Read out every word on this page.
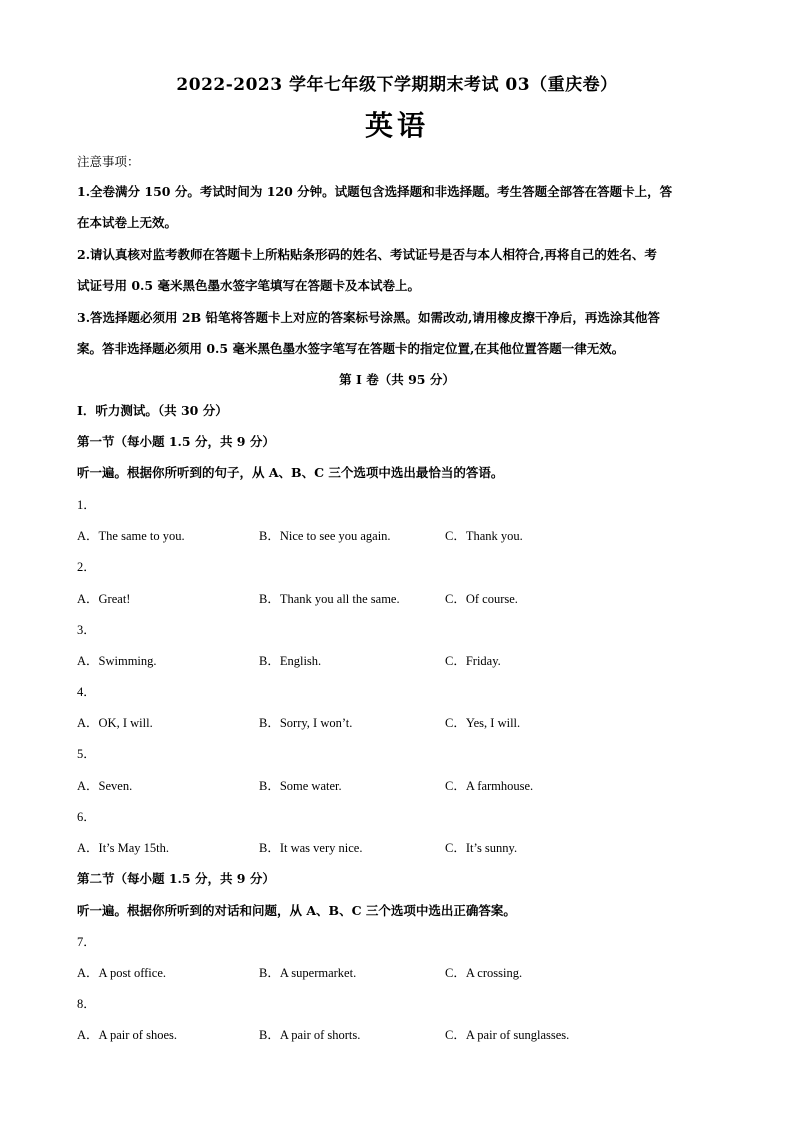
2022-2023 学年七年级下学期期末考试 03（重庆卷）
英语
注意事项：
1.全卷满分 150 分。考试时间为 120 分钟。试题包含选择题和非选择题。考生答题全部答在答题卡上，答
在本试卷上无效。
2.请认真核对监考教师在答题卡上所粘贴条形码的姓名、考试证号是否与本人相符合,再将自己的姓名、考
试证号用 0.5 毫米黑色墨水签字笔填写在答题卡及本试卷上。
3.答选择题必须用 2B 铅笔将答题卡上对应的答案标号涂黑。如需改动,请用橡皮擦干净后，再选涂其他答
案。答非选择题必须用 0.5 毫米黑色墨水签字笔写在答题卡的指定位置,在其他位置答题一律无效。
第 I 卷（共 95 分）
Ⅰ．听力测试。（共 30 分）
第一节（每小题 1.5 分，共 9 分）
听一遍。根据你所听到的句子，从 A、B、C 三个选项中选出最恰当的答语。
1．
A．The same to you.	B．Nice to see you again.	C．Thank you.
2．
A．Great!	B．Thank you all the same.	C．Of course.
3．
A．Swimming.	B．English.	C．Friday.
4．
A．OK, I will.	B．Sorry, I won’t.	C．Yes, I will.
5．
A．Seven.	B．Some water.	C．A farmhouse.
6．
A．It’s May 15th.	B．It was very nice.	C．It’s sunny.
第二节（每小题 1.5 分，共 9 分）
听一遍。根据你所听到的对话和问题，从 A、B、C 三个选项中选出正确答案。
7．
A．A post office.	B．A supermarket.	C．A crossing.
8．
A．A pair of shoes.	B．A pair of shorts.	C．A pair of sunglasses.
